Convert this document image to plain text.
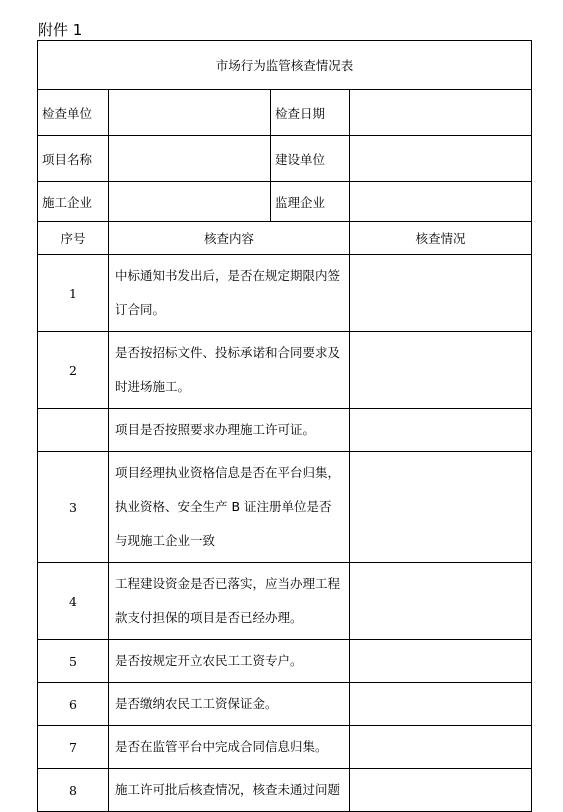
附件 1
市场行为监管核查情况表			
检查单位		检查日期	
项目名称		建设单位	
施工企业		监理企业	
序号	核查内容		核查情况
1	中标通知书发出后，是否在规定期限内签订合同。		
2	是否按招标文件、投标承诺和合同要求及时进场施工。		
	项目是否按照要求办理施工许可证。		
3	项目经理执业资格信息是否在平台归集，执业资格、安全生产 B 证注册单位是否与现施工企业一致		
4	工程建设资金是否已落实，应当办理工程款支付担保的项目是否已经办理。		
5	是否按规定开立农民工工资专户。		
6	是否缴纳农民工工资保证金。		
7	是否在监管平台中完成合同信息归集。		
8	施工许可批后核查情况，核查未通过问题		
